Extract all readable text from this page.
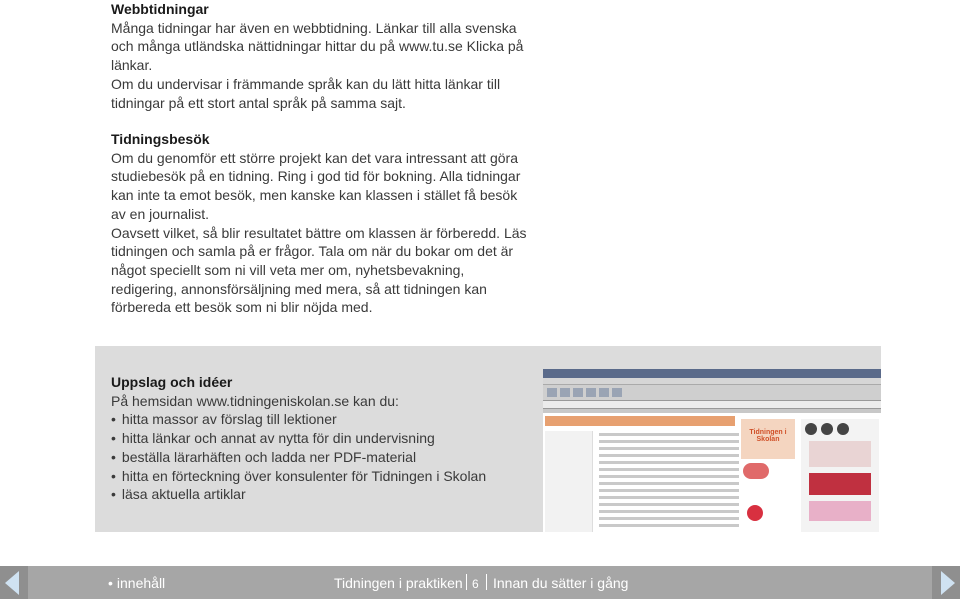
Webbtidningar
Många tidningar har även en webbtidning. Länkar till alla svenska och många utländska nättidningar hittar du på www.tu.se Klicka på länkar.
Om du undervisar i främmande språk kan du lätt hitta länkar till tidningar på ett stort antal språk på samma sajt.
Tidningsbesök
Om du genomför ett större projekt kan det vara intressant att göra studiebesök på en tidning. Ring i god tid för bokning. Alla tidningar kan inte ta emot besök, men kanske kan klassen i stället få besök av en journalist.
Oavsett vilket, så blir resultatet bättre om klassen är förberedd. Läs tidningen och samla på er frågor. Tala om när du bokar om det är något speciellt som ni vill veta mer om, nyhetsbevakning, redigering, annonsförsäljning med mera, så att tidningen kan förbereda ett besök som ni blir nöjda med.
Uppslag och idéer
På hemsidan www.tidningeniskolan.se kan du:
• hitta massor av förslag till lektioner
• hitta länkar och annat av nytta för din undervisning
• beställa lärarhäften och ladda ner PDF-material
• hitta en förteckning över konsulenter för Tidningen i Skolan
• läsa aktuella artiklar
Tidningen i Skolan
• innehåll	Tidningen i praktiken 6 Innan du sätter i gång
